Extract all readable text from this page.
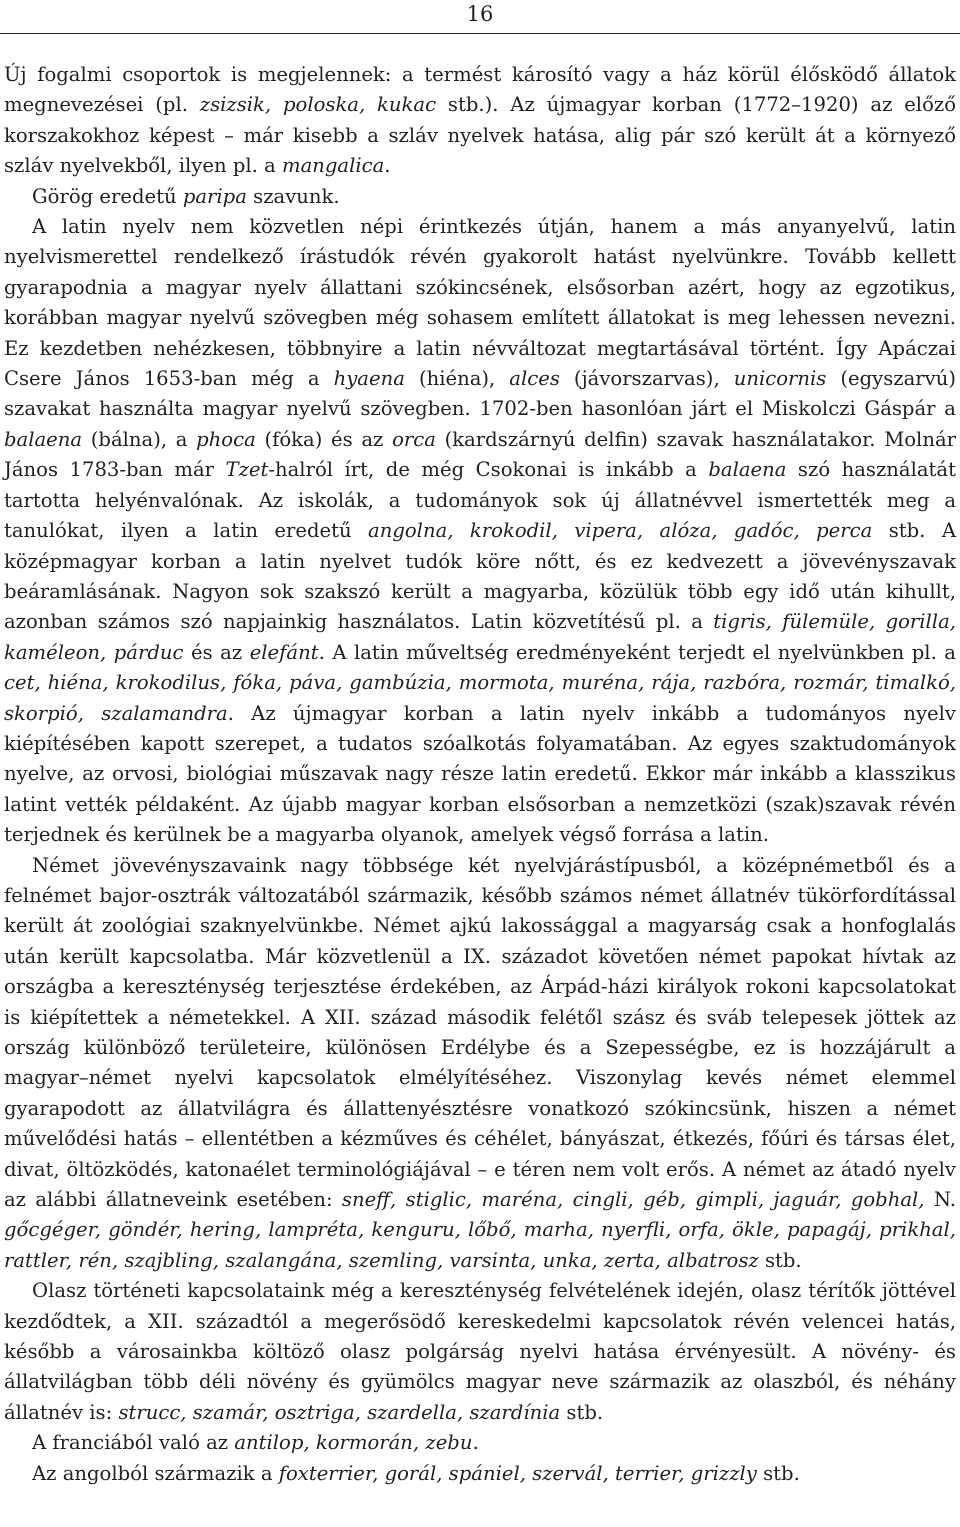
16

Új fogalmi csoportok is megjelennek: a termést károsító vagy a ház körül élősködő állatok megnevezései (pl. zsizsik, poloska, kukac stb.). Az újmagyar korban (1772–1920) az előző korszakokhoz képest – már kisebb a szláv nyelvek hatása, alig pár szó került át a környező szláv nyelvekből, ilyen pl. a mangalica.

Görög eredetű paripa szavunk.

A latin nyelv nem közvetlen népi érintkezés útján, hanem a más anyanyelvű, latin nyelvismerettel rendelkező írástudók révén gyakorolt hatást nyelvünkre. Tovább kellett gyarapodnia a magyar nyelv állattani szókincsének, elsősorban azért, hogy az egzotikus, korábban magyar nyelvű szövegben még sohasem említett állatokat is meg lehessen nevezni. Ez kezdetben nehézkesen, többnyire a latin névváltozat megtartásával történt. Így Apáczai Csere János 1653-ban még a hyaena (hiéna), alces (jávorszarvas), unicornis (egyszarvú) szavakat használta magyar nyelvű szövegben. 1702-ben hasonlóan járt el Miskolczi Gáspár a balaena (bálna), a phoca (fóka) és az orca (kardszárnyú delfin) szavak használatakor. Molnár János 1783-ban már Tzet-halról írt, de még Csokonai is inkább a balaena szó használatát tartotta helyénvalónak. Az iskolák, a tudományok sok új állatnévvel ismertették meg a tanulókat, ilyen a latin eredetű angolna, krokodil, vipera, alóza, gadóc, perca stb. A középmagyar korban a latin nyelvet tudók köre nőtt, és ez kedvezett a jövevényszavak beáramlásának. Nagyon sok szakszó került a magyarba, közülük több egy idő után kihullt, azonban számos szó napjainkig használatos. Latin közvetítésű pl. a tigris, fülemüle, gorilla, kaméleon, párduc és az elefánt. A latin műveltség eredményeként terjedt el nyelvünkben pl. a cet, hiéna, krokodilus, fóka, páva, gambúzia, mormota, muréna, rája, razbóra, rozmár, timalkó, skorpió, szalamandra. Az újmagyar korban a latin nyelv inkább a tudományos nyelv kiépítésében kapott szerepet, a tudatos szóalkotás folyamatában. Az egyes szaktudományok nyelve, az orvosi, biológiai műszavak nagy része latin eredetű. Ekkor már inkább a klasszikus latint vették példaként. Az újabb magyar korban elsősorban a nemzetközi (szak)szavak révén terjednek és kerülnek be a magyarba olyanok, amelyek végső forrása a latin.

Német jövevényszavaink nagy többsége két nyelvjárástípusból, a középnémetből és a felnémet bajor-osztrák változatából származik, később számos német állatnév tükörfordítással került át zoológiai szaknyelvünkbe. Német ajkú lakossággal a magyarság csak a honfoglalás után került kapcsolatba. Már közvetlenül a IX. századot követően német papokat hívtak az országba a kereszténység terjesztése érdekében, az Árpád-házi királyok rokoni kapcsolatokat is kiépítettek a németekkel. A XII. század második felétől szász és sváb telepesek jöttek az ország különböző területeire, különösen Erdélybe és a Szepességbe, ez is hozzájárult a magyar–német nyelvi kapcsolatok elmélyítéséhez. Viszonylag kevés német elemmel gyarapodott az állatvilágra és állattenyésztésre vonatkozó szókincsünk, hiszen a német művelődési hatás – ellentétben a kézműves és céhélet, bányászat, étkezés, főúri és társas élet, divat, öltözködés, katonaélet terminológiájával – e téren nem volt erős. A német az átadó nyelv az alábbi állatneveink esetében: sneff, stiglic, maréna, cingli, géb, gimpli, jaguár, gobhal, N. gőcgéger, göndér, hering, lampréta, kenguru, lőbő, marha, nyerfli, orfa, ökle, papagáj, prikhal, rattler, rén, szajbling, szalangána, szemling, varsinta, unka, zerta, albatrosz stb.

Olasz történeti kapcsolataink még a kereszténység felvételének idején, olasz térítők jöttével kezdődtek, a XII. századtól a megerősödő kereskedelmi kapcsolatok révén velencei hatás, később a városainkba költöző olasz polgárság nyelvi hatása érvényesült. A növény- és állatvilágban több déli növény és gyümölcs magyar neve származik az olaszból, és néhány állatnév is: strucc, szamár, osztriga, szardella, szardínia stb.

A franciából való az antilop, kormorán, zebu.

Az angolból származik a foxterrier, gorál, spániel, szervál, terrier, grizzly stb.
